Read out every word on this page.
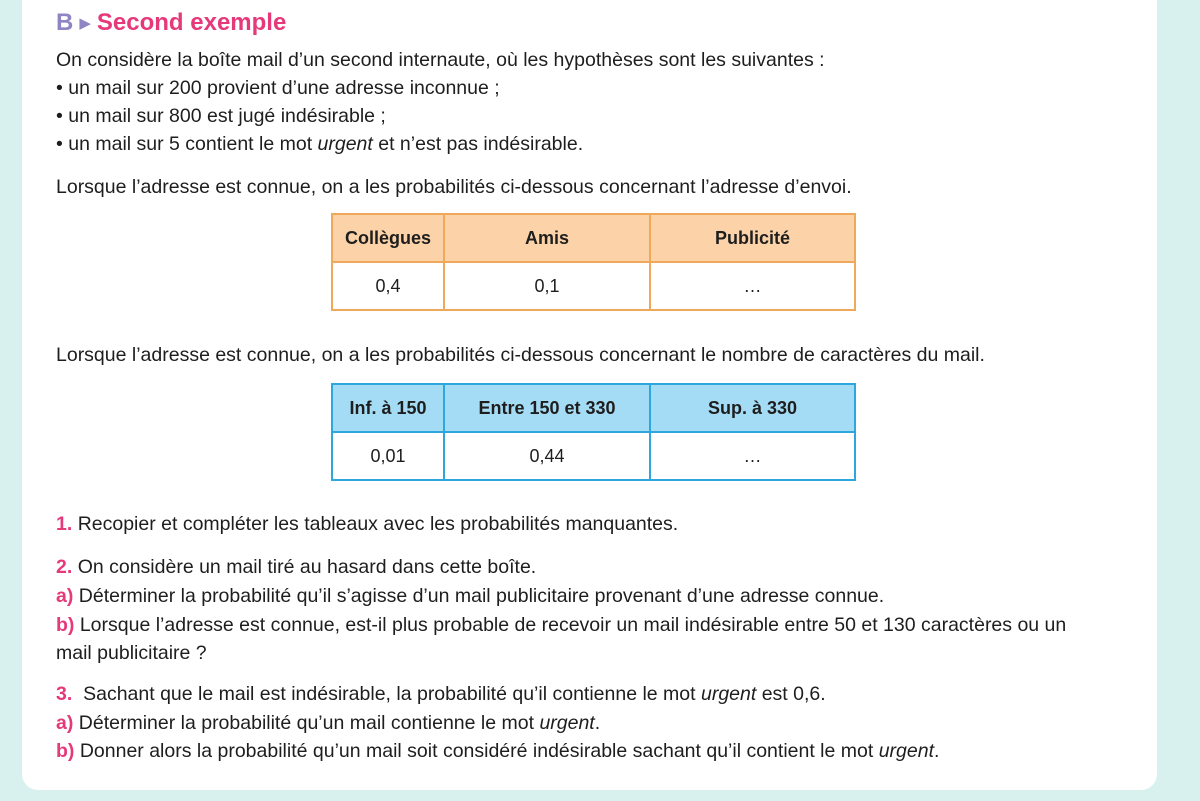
B ▶ Second exemple
On considère la boîte mail d’un second internaute, où les hypothèses sont les suivantes :
• un mail sur 200 provient d’une adresse inconnue ;
• un mail sur 800 est jugé indésirable ;
• un mail sur 5 contient le mot urgent et n’est pas indésirable.
Lorsque l’adresse est connue, on a les probabilités ci-dessous concernant l’adresse d’envoi.
Collègues	Amis	Publicité
0,4	0,1	…
Lorsque l’adresse est connue, on a les probabilités ci-dessous concernant le nombre de caractères du mail.
Inf. à 150	Entre 150 et 330	Sup. à 330
0,01	0,44	…
1. Recopier et compléter les tableaux avec les probabilités manquantes.
2. On considère un mail tiré au hasard dans cette boîte.
a) Déterminer la probabilité qu’il s’agisse d’un mail publicitaire provenant d’une adresse connue.
b) Lorsque l’adresse est connue, est-il plus probable de recevoir un mail indésirable entre 50 et 130 caractères ou un
mail publicitaire ?
3. Sachant que le mail est indésirable, la probabilité qu’il contienne le mot urgent est 0,6.
a) Déterminer la probabilité qu’un mail contienne le mot urgent.
b) Donner alors la probabilité qu’un mail soit considéré indésirable sachant qu’il contient le mot urgent.
